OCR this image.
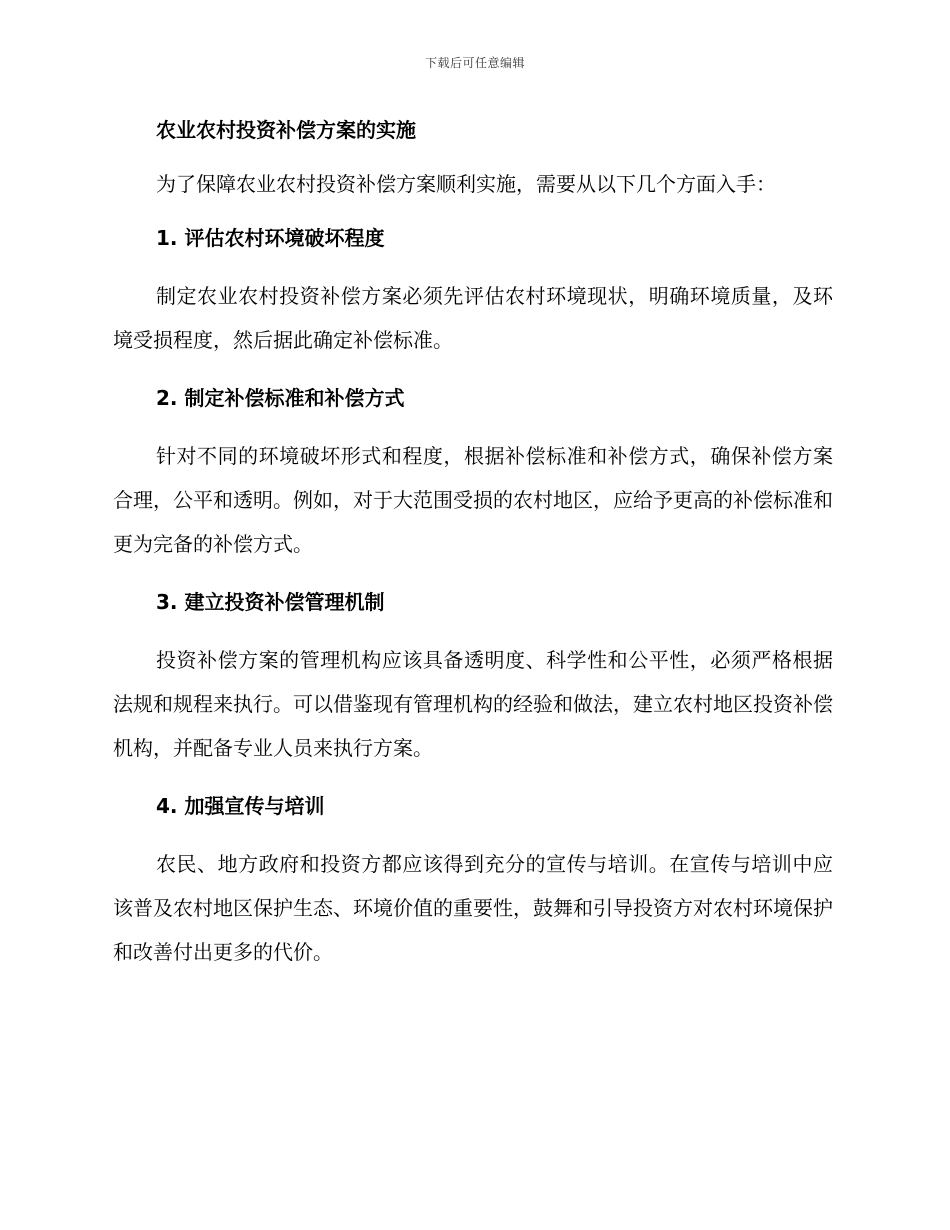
下载后可任意编辑
农业农村投资补偿方案的实施

为了保障农业农村投资补偿方案顺利实施，需要从以下几个方面入手：

1. 评估农村环境破坏程度

制定农业农村投资补偿方案必须先评估农村环境现状，明确环境质量，及环境受损程度，然后据此确定补偿标准。

2. 制定补偿标准和补偿方式

针对不同的环境破坏形式和程度，根据补偿标准和补偿方式，确保补偿方案合理，公平和透明。例如，对于大范围受损的农村地区，应给予更高的补偿标准和更为完备的补偿方式。

3. 建立投资补偿管理机制

投资补偿方案的管理机构应该具备透明度、科学性和公平性，必须严格根据法规和规程来执行。可以借鉴现有管理机构的经验和做法，建立农村地区投资补偿机构，并配备专业人员来执行方案。

4. 加强宣传与培训

农民、地方政府和投资方都应该得到充分的宣传与培训。在宣传与培训中应该普及农村地区保护生态、环境价值的重要性，鼓舞和引导投资方对农村环境保护和改善付出更多的代价。
